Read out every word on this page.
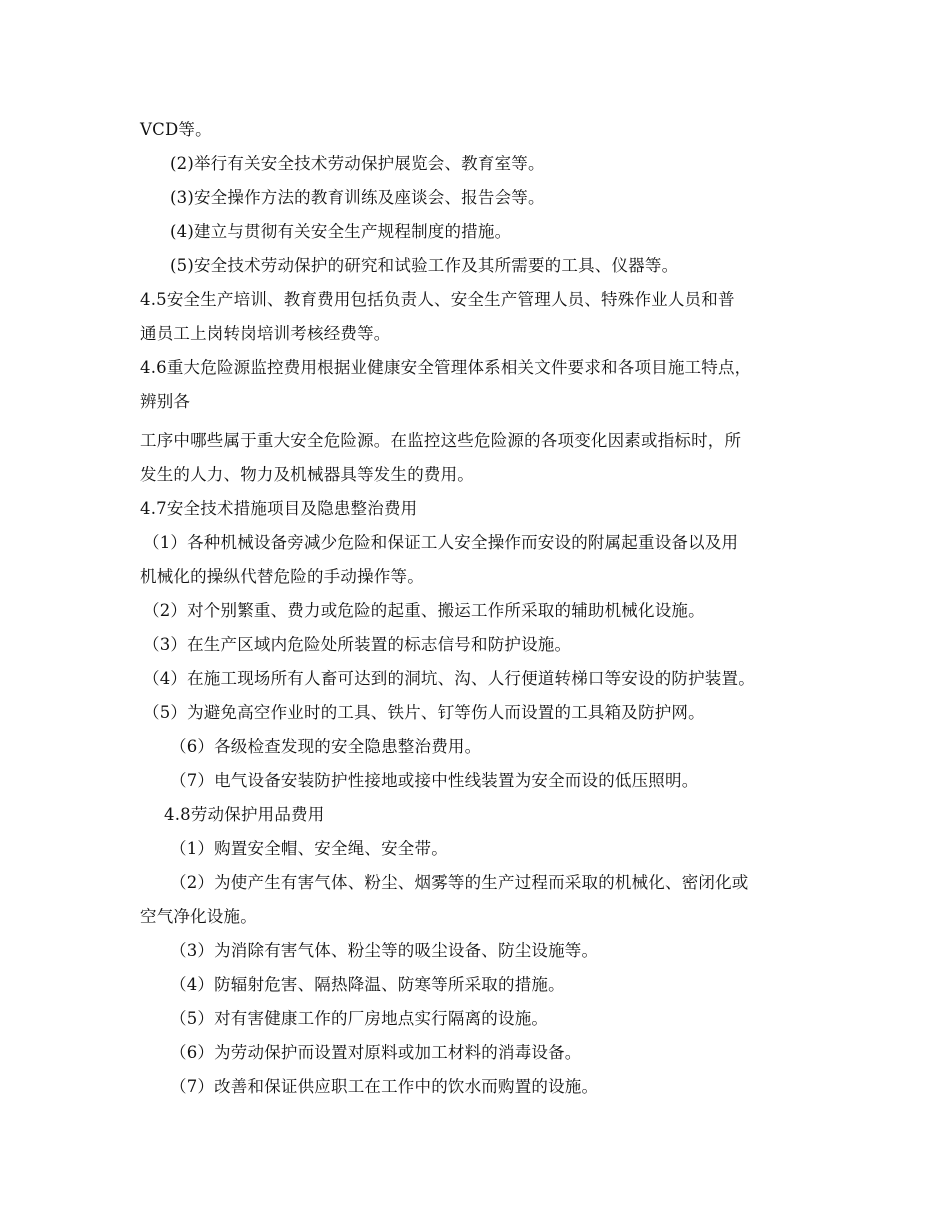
VCD等。
(2)举行有关安全技术劳动保护展览会、教育室等。
(3)安全操作方法的教育训练及座谈会、报告会等。
(4)建立与贯彻有关安全生产规程制度的措施。
(5)安全技术劳动保护的研究和试验工作及其所需要的工具、仪器等。
4.5安全生产培训、教育费用包括负责人、安全生产管理人员、特殊作业人员和普
通员工上岗转岗培训考核经费等。
4.6重大危险源监控费用根据业健康安全管理体系相关文件要求和各项目施工特点，
辨别各
工序中哪些属于重大安全危险源。在监控这些危险源的各项变化因素或指标时，所
发生的人力、物力及机械器具等发生的费用。
4.7安全技术措施项目及隐患整治费用
（1）各种机械设备旁减少危险和保证工人安全操作而安设的附属起重设备以及用
机械化的操纵代替危险的手动操作等。
（2）对个别繁重、费力或危险的起重、搬运工作所采取的辅助机械化设施。
（3）在生产区域内危险处所装置的标志信号和防护设施。
（4）在施工现场所有人畜可达到的洞坑、沟、人行便道转梯口等安设的防护装置。
（5）为避免高空作业时的工具、铁片、钉等伤人而设置的工具箱及防护网。
（6）各级检查发现的安全隐患整治费用。
（7）电气设备安装防护性接地或接中性线装置为安全而设的低压照明。
4.8劳动保护用品费用
（1）购置安全帽、安全绳、安全带。
（2）为使产生有害气体、粉尘、烟雾等的生产过程而采取的机械化、密闭化或
空气净化设施。
（3）为消除有害气体、粉尘等的吸尘设备、防尘设施等。
（4）防辐射危害、隔热降温、防寒等所采取的措施。
（5）对有害健康工作的厂房地点实行隔离的设施。
（6）为劳动保护而设置对原料或加工材料的消毒设备。
（7）改善和保证供应职工在工作中的饮水而购置的设施。
